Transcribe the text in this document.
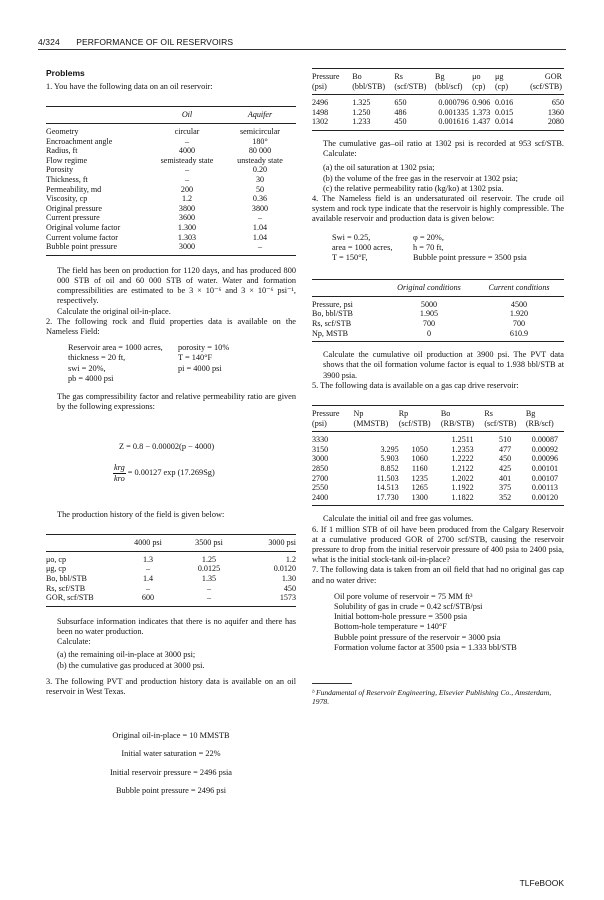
4/324 PERFORMANCE OF OIL RESERVOIRS
Problems

1. You have the following data on an oil reservoir:

	Oil	Aquifer
Geometry	circular	semicircular
Encroachment angle	–	180°
Radius, ft	4000	80 000
Flow regime	semisteady state	unsteady state
Porosity	–	0.20
Thickness, ft	–	30
Permeability, md	200	50
Viscosity, cp	1.2	0.36
Original pressure	3800	3800
Current pressure	3600	–
Original volume factor	1.300	1.04
Current volume factor	1.303	1.04
Bubble point pressure	3000	–

The field has been on production for 1120 days, and has produced 800 000 STB of oil and 60 000 STB of water. Water and formation compressibilities are estimated to be 3 × 10⁻⁶ and 3 × 10⁻⁶ psi⁻¹, respectively.

Calculate the original oil-in-place.

2. The following rock and fluid properties data is available on the Nameless Field:

Reservoir area = 1000 acres,
thickness = 20 ft,
swi = 20%,
pb = 4000 psi
porosity = 10%
T = 140°F
pi = 4000 psi

The gas compressibility factor and relative permeability ratio are given by the following expressions:

Z = 0.8 − 0.00002(p − 4000)
krg
kro
= 0.00127 exp (17.269Sg)

The production history of the field is given below:

	4000 psi	3500 psi	3000 psi
μo, cp	1.3	1.25	1.2
μg, cp	–	0.0125	0.0120
Bo, bbl/STB	1.4	1.35	1.30
Rs, scf/STB	–	–	450
GOR, scf/STB	600	–	1573

Subsurface information indicates that there is no aquifer and there has been no water production.

Calculate:

(a) the remaining oil-in-place at 3000 psi;

(b) the cumulative gas produced at 3000 psi.

3. The following PVT and production history data is available on an oil reservoir in West Texas.

Original oil-in-place = 10 MMSTB
Initial water saturation = 22%
Initial reservoir pressure = 2496 psia
Bubble point pressure = 2496 psi
Pressure (psi)	Bo (bbl/STB)	Rs (scf/STB)	Bg (bbl/scf)	μo (cp)	μg (cp)	GOR (scf/STB)
2496	1.325	650	0.000796	0.906	0.016	650
1498	1.250	486	0.001335	1.373	0.015	1360
1302	1.233	450	0.001616	1.437	0.014	2080

The cumulative gas–oil ratio at 1302 psi is recorded at 953 scf/STB. Calculate:

(a) the oil saturation at 1302 psia;

(b) the volume of the free gas in the reservoir at 1302 psia;

(c) the relative permeability ratio (kg/ko) at 1302 psia.

4. The Nameless field is an undersaturated oil reservoir. The crude oil system and rock type indicate that the reservoir is highly compressible. The available reservoir and production data is given below:

Swi = 0.25,
area = 1000 acres,
T = 150°F,
φ = 20%,
h = 70 ft,
Bubble point pressure = 3500 psia
	Original conditions	Current conditions
Pressure, psi	5000	4500
Bo, bbl/STB	1.905	1.920
Rs, scf/STB	700	700
Np, MSTB	0	610.9

Calculate the cumulative oil production at 3900 psi. The PVT data shows that the oil formation volume factor is equal to 1.938 bbl/STB at 3900 psia.

5. The following data is available on a gas cap drive reservoir:

Pressure (psi)	Np (MMSTB)	Rp (scf/STB)	Bo (RB/STB)	Rs (scf/STB)	Bg (RB/scf)
3330			1.2511	510	0.00087
3150	3.295	1050	1.2353	477	0.00092
3000	5.903	1060	1.2222	450	0.00096
2850	8.852	1160	1.2122	425	0.00101
2700	11.503	1235	1.2022	401	0.00107
2550	14.513	1265	1.1922	375	0.00113
2400	17.730	1300	1.1822	352	0.00120

Calculate the initial oil and free gas volumes.

6. If 1 million STB of oil have been produced from the Calgary Reservoir at a cumulative produced GOR of 2700 scf/STB, causing the reservoir pressure to drop from the initial reservoir pressure of 400 psia to 2400 psia, what is the initial stock-tank oil-in-place?

7. The following data is taken from an oil field that had no original gas cap and no water drive:

Oil pore volume of reservoir = 75 MM ft³
Solubility of gas in crude = 0.42 scf/STB/psi
Initial bottom-hole pressure = 3500 psia
Bottom-hole temperature = 140°F
Bubble point pressure of the reservoir = 3000 psia
Formation volume factor at 3500 psia = 1.333 bbl/STB

ᵇ Fundamental of Reservoir Engineering, Elsevier Publishing Co., Amsterdam, 1978.

TLFeBOOK
